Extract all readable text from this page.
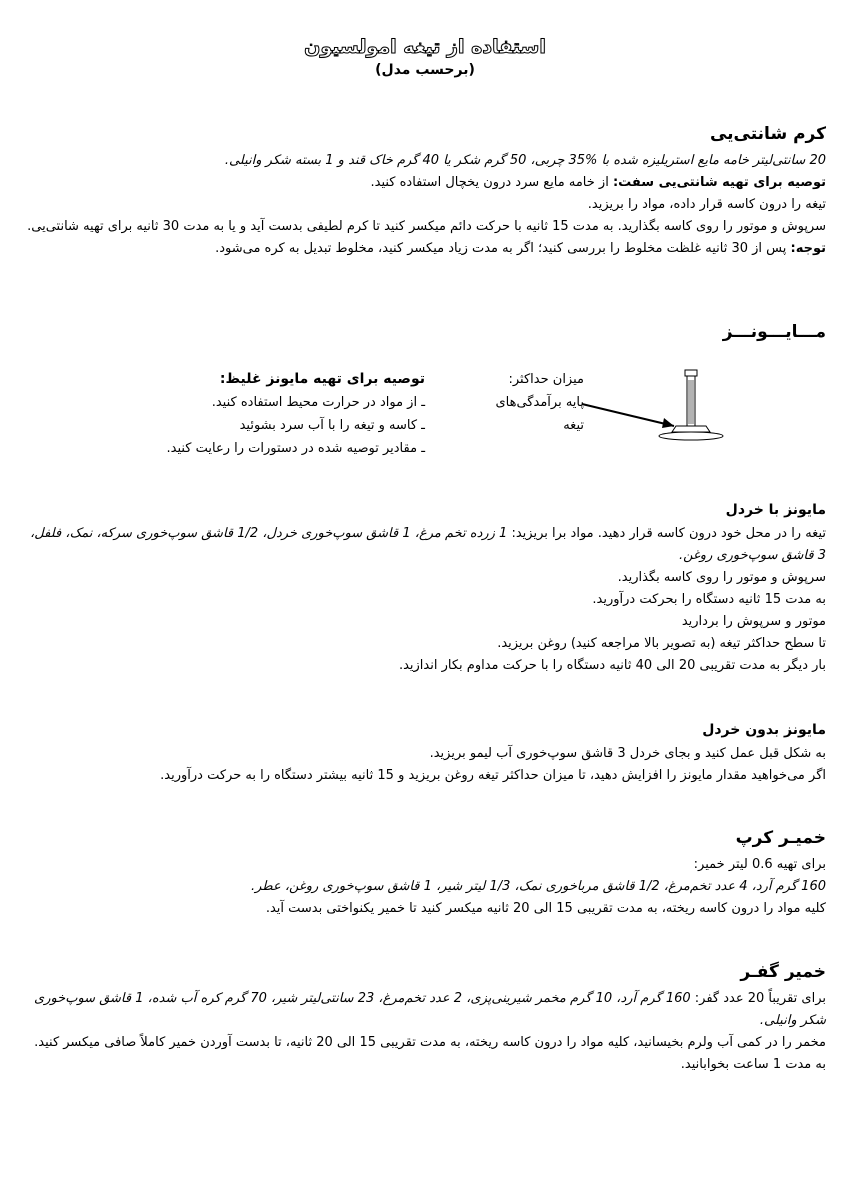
استفاده از تیغه امولسیون
(برحسب مدل)
کرم شانتی‌یی

20 سانتی‌لیتر خامه مایع استریلیزه شده با %35 چربی، 50 گرم شکر یا 40 گرم خاک قند و 1 بسته شکر وانیلی.

توصیه برای تهیه شانتی‌یی سفت: از خامه مایع سرد درون یخچال استفاده کنید.

تیغه را درون کاسه قرار داده، مواد را بریزید.

سرپوش و موتور را روی کاسه بگذارید. به مدت 15 ثانیه با حرکت دائم میکسر کنید تا کرم لطیفی بدست آید و یا به مدت 30 ثانیه برای تهیه شانتی‌یی.

توجه: پس از 30 ثانیه غلظت مخلوط را بررسی کنید؛ اگر به مدت زیاد میکسر کنید، مخلوط تبدیل به کره می‌شود.

مـــایـــونـــز
میزان حداکثر:
پایه برآمدگی‌های
تیغه
توصیه برای تهیه مایونز غلیظ:
ـ از مواد در حرارت محیط استفاده کنید.
ـ کاسه و تیغه را با آب سرد بشوئید
ـ مقادیر توصیه شده در دستورات را رعایت کنید.
مایونز با خردل

تیغه را در محل خود درون کاسه قرار دهید. مواد برا بریزید: 1 زرده تخم مرغ، 1 قاشق سوپ‌خوری خردل، 1/2 قاشق سوپ‌خوری سرکه، نمک، فلفل، 3 قاشق سوپ‌خوری روغن.

سرپوش و موتور را روی کاسه بگذارید.

به مدت 15 ثانیه دستگاه را بحرکت درآورید.

موتور و سرپوش را بردارید

تا سطح حداکثر تیغه (به تصویر بالا مراجعه کنید) روغن بریزید.

بار دیگر به مدت تقریبی 20 الی 40 ثانیه دستگاه را با حرکت مداوم بکار اندازید.

مایونز بدون خردل

به شکل قبل عمل کنید و بجای خردل 3 قاشق سوپ‌خوری آب لیمو بریزید.

اگر می‌خواهید مقدار مایونز را افزایش دهید، تا میزان حداکثر تیغه روغن بریزید و 15 ثانیه بیشتر دستگاه را به حرکت درآورید.

خمیـر کرپ

برای تهیه 0.6 لیتر خمیر:

160 گرم آرد، 4 عدد تخم‌مرغ، 1/2 قاشق مرباخوری نمک، 1/3 لیتر شیر، 1 قاشق سوپ‌خوری روغن، عطر.

کلیه مواد را درون کاسه ریخته، به مدت تقریبی 15 الی 20 ثانیه میکسر کنید تا خمیر یکنواختی بدست آید.

خمیر گفـر

برای تقریباً 20 عدد گفر: 160 گرم آرد، 10 گرم مخمر شیرینی‌پزی، 2 عدد تخم‌مرغ، 23 سانتی‌لیتر شیر، 70 گرم کره آب شده، 1 قاشق سوپ‌خوری شکر وانیلی.

مخمر را در کمی آب ولرم بخیسانید، کلیه مواد را درون کاسه ریخته، به مدت تقریبی 15 الی 20 ثانیه، تا بدست آوردن خمیر کاملاً صافی میکسر کنید. به مدت 1 ساعت بخوابانید.
